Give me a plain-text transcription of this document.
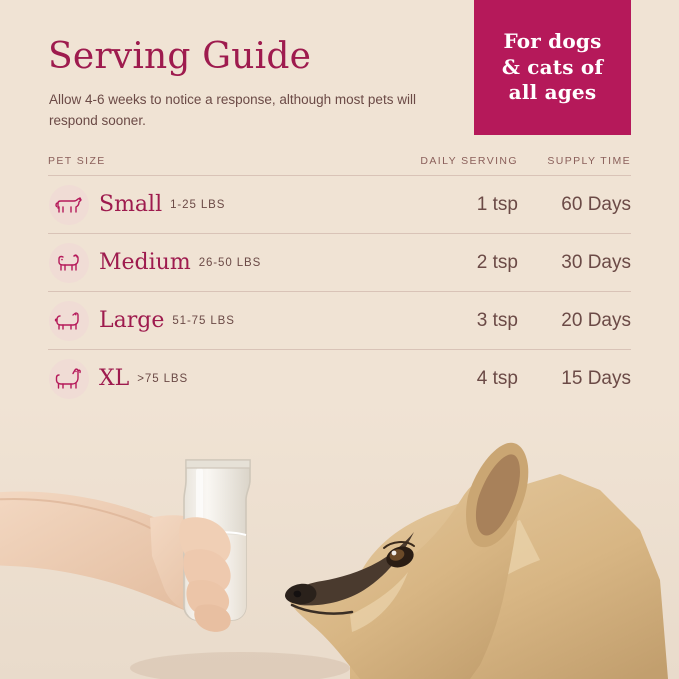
For dogs
& cats of
all ages
Serving Guide
Allow 4-6 weeks to notice a response, although most pets will respond sooner.
PET SIZE	DAILY SERVING	SUPPLY TIME
Small 1-25 LBS	1 tsp	60 Days
Medium 26-50 LBS	2 tsp	30 Days
Large 51-75 LBS	3 tsp	20 Days
XL >75 LBS	4 tsp	15 Days
